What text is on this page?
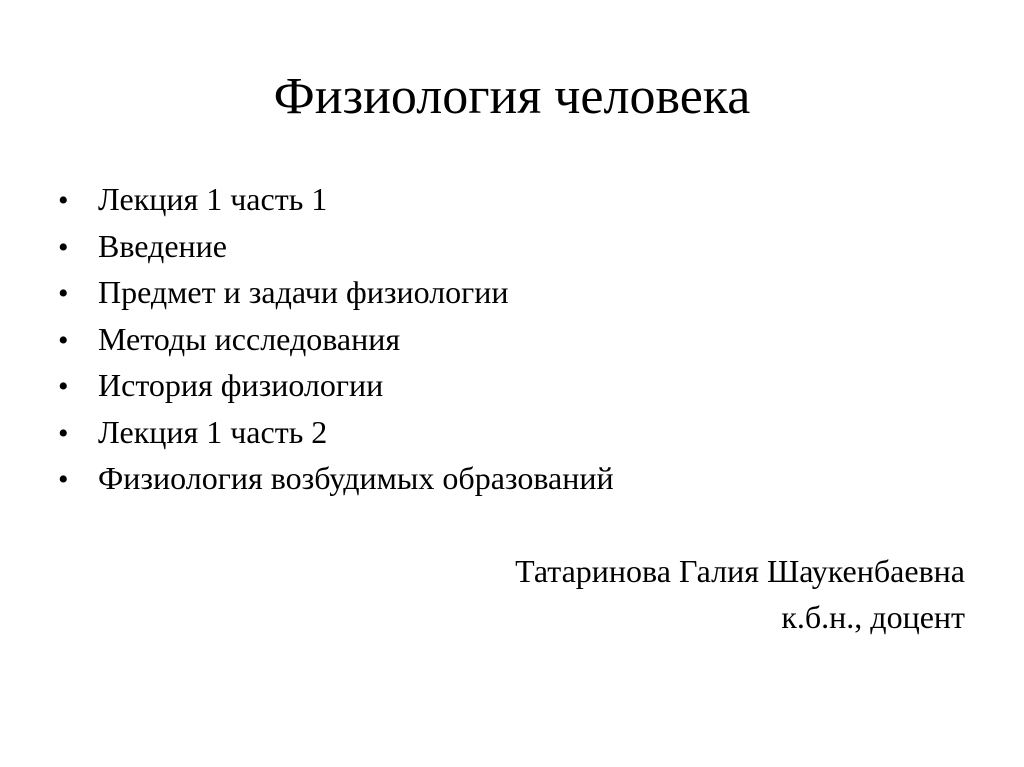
Физиология человека
• Лекция 1 часть 1
• Введение
• Предмет и задачи физиологии
• Методы исследования
• История физиологии
• Лекция 1 часть 2
• Физиология возбудимых образований
Татаринова Галия Шаукенбаевна
к.б.н., доцент
